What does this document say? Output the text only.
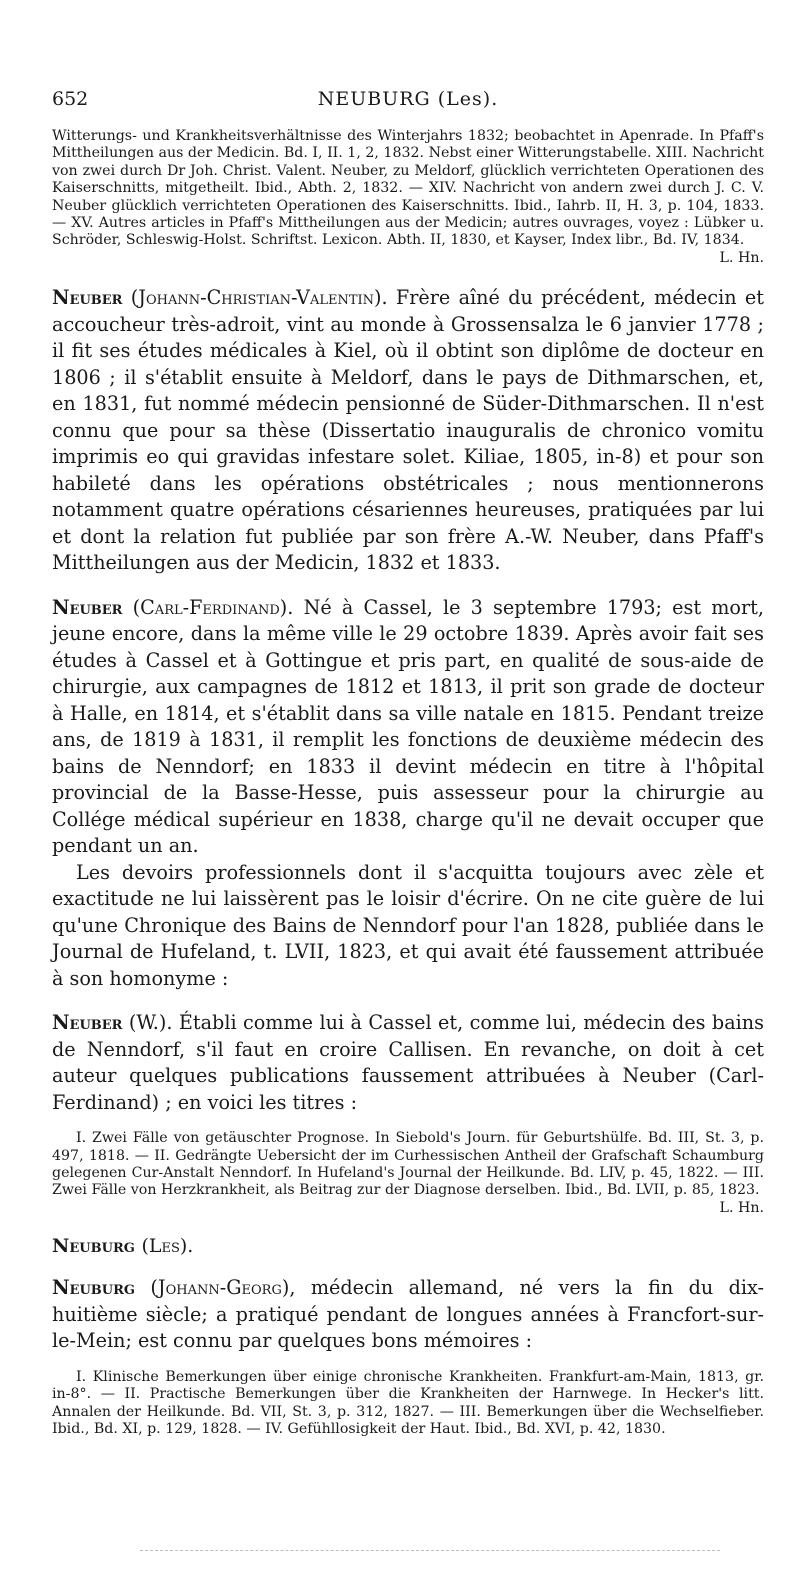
652	NEUBURG (Les).

Witterungs- und Krankheitsverhältnisse des Winterjahrs 1832; beobachtet in Apenrade. In Pfaff's Mittheilungen aus der Medicin. Bd. I, II. 1, 2, 1832. Nebst einer Witterungstabelle. XIII. Nachricht von zwei durch Dr Joh. Christ. Valent. Neuber, zu Meldorf, glücklich verrichteten Operationen des Kaiserschnitts, mitgetheilt. Ibid., Abth. 2, 1832. — XIV. Nachricht von andern zwei durch J. C. V. Neuber glücklich verrichteten Operationen des Kaiserschnitts. Ibid., Iahrb. II, H. 3, p. 104, 1833.— XV. Autres articles in Pfaff's Mittheilungen aus der Medicin; autres ouvrages, voyez : Lübker u. Schröder, Schleswig-Holst. Schriftst. Lexicon. Abth. II, 1830, et Kayser, Index libr., Bd. IV, 1834.
L. Hn.

Neuber (Johann-Christian-Valentin). Frère aîné du précédent, médecin et accoucheur très-adroit, vint au monde à Grossensalza le 6 janvier 1778 ; il fit ses études médicales à Kiel, où il obtint son diplôme de docteur en 1806 ; il s'établit ensuite à Meldorf, dans le pays de Dithmarschen, et, en 1831, fut nommé médecin pensionné de Süder-Dithmarschen. Il n'est connu que pour sa thèse (Dissertatio inauguralis de chronico vomitu imprimis eo qui gravidas infestare solet. Kiliae, 1805, in-8) et pour son habileté dans les opérations obstétricales ; nous mentionnerons notamment quatre opérations césariennes heureuses, pratiquées par lui et dont la relation fut publiée par son frère A.-W. Neuber, dans Pfaff's Mittheilungen aus der Medicin, 1832 et 1833.

Neuber (Carl-Ferdinand). Né à Cassel, le 3 septembre 1793; est mort, jeune encore, dans la même ville le 29 octobre 1839. Après avoir fait ses études à Cassel et à Gottingue et pris part, en qualité de sous-aide de chirurgie, aux campagnes de 1812 et 1813, il prit son grade de docteur à Halle, en 1814, et s'établit dans sa ville natale en 1815. Pendant treize ans, de 1819 à 1831, il remplit les fonctions de deuxième médecin des bains de Nenndorf; en 1833 il devint médecin en titre à l'hôpital provincial de la Basse-Hesse, puis assesseur pour la chirurgie au Collége médical supérieur en 1838, charge qu'il ne devait occuper que pendant un an.

Les devoirs professionnels dont il s'acquitta toujours avec zèle et exactitude ne lui laissèrent pas le loisir d'écrire. On ne cite guère de lui qu'une Chronique des Bains de Nenndorf pour l'an 1828, publiée dans le Journal de Hufeland, t. LVII, 1823, et qui avait été faussement attribuée à son homonyme :

Neuber (W.). Établi comme lui à Cassel et, comme lui, médecin des bains de Nenndorf, s'il faut en croire Callisen. En revanche, on doit à cet auteur quelques publications faussement attribuées à Neuber (Carl-Ferdinand) ; en voici les titres :

I. Zwei Fälle von getäuschter Prognose. In Siebold's Journ. für Geburtshülfe. Bd. III, St. 3, p. 497, 1818. — II. Gedrängte Uebersicht der im Curhessischen Antheil der Grafschaft Schaumburg gelegenen Cur-Anstalt Nenndorf. In Hufeland's Journal der Heilkunde. Bd. LIV, p. 45, 1822. — III. Zwei Fälle von Herzkrankheit, als Beitrag zur der Diagnose derselben. Ibid., Bd. LVII, p. 85, 1823.
L. Hn.

Neuburg (Les).

Neuburg (Johann-Georg), médecin allemand, né vers la fin du dix-huitième siècle; a pratiqué pendant de longues années à Francfort-sur-le-Mein; est connu par quelques bons mémoires :

I. Klinische Bemerkungen über einige chronische Krankheiten. Frankfurt-am-Main, 1813, gr. in-8°. — II. Practische Bemerkungen über die Krankheiten der Harnwege. In Hecker's litt. Annalen der Heilkunde. Bd. VII, St. 3, p. 312, 1827. — III. Bemerkungen über die Wechselfieber. Ibid., Bd. XI, p. 129, 1828. — IV. Gefühllosigkeit der Haut. Ibid., Bd. XVI, p. 42, 1830.
